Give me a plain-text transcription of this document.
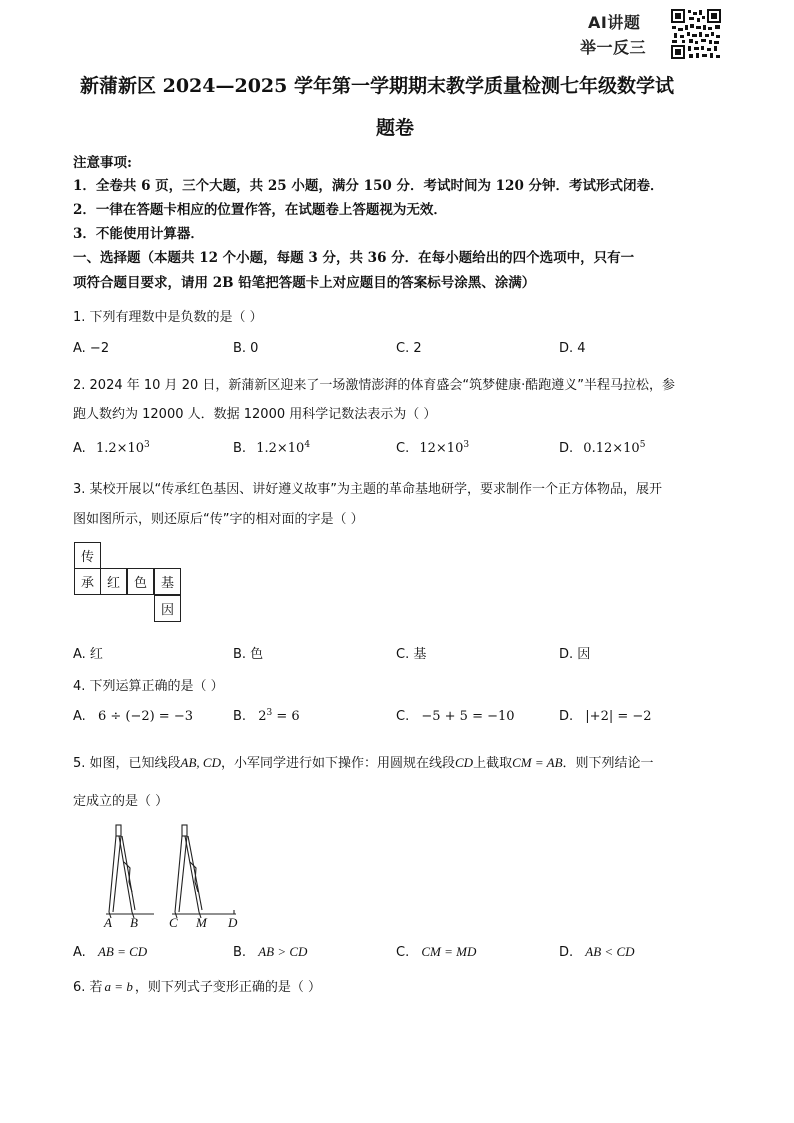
AI讲题
举一反三
新蒲新区 2024—2025 学年第一学期期末教学质量检测七年级数学试
题卷
注意事项:
1．全卷共 6 页，三个大题，共 25 小题，满分 150 分．考试时间为 120 分钟．考试形式闭卷．
2．一律在答题卡相应的位置作答，在试题卷上答题视为无效．
3．不能使用计算器．
一、选择题（本题共 12 个小题，每题 3 分，共 36 分．在每小题给出的四个选项中，只有一
项符合题目要求，请用 2B 铅笔把答题卡上对应题目的答案标号涂黑、涂满）
1. 下列有理数中是负数的是（ ）
A. −2	B. 0	C. 2	D. 4
2. 2024 年 10 月 20 日，新蒲新区迎来了一场激情澎湃的体育盛会“筑梦健康·酷跑遵义”半程马拉松，参
跑人数约为 12000 人．数据 12000 用科学记数法表示为（ ）
A. $1.2\times 10^3$	B. $1.2\times 10^4$	C. $12\times 10^3$	D. $0.12\times 10^5$
3. 某校开展以“传承红色基因、讲好遵义故事”为主题的革命基地研学，要求制作一个正方体物品，展开
图如图所示，则还原后“传”字的相对面的字是（ ）
传
承 红	色	基
因
A. 红	B. 色	C. 基	D. 因
4. 下列运算正确的是（ ）
A. 6 ÷ (−2) = −3	B. $2^3 = 6$	C. −5 + 5 = −10	D. |+2| = −2
5. 如图，已知线段AB, CD，小军同学进行如下操作：用圆规在线段CD上截取CM = AB．则下列结论一
定成立的是（ ）
A B C M D
A. AB = CD	B. AB > CD	C. CM = MD	D. AB < CD
6. 若 a = b ，则下列式子变形正确的是（ ）
